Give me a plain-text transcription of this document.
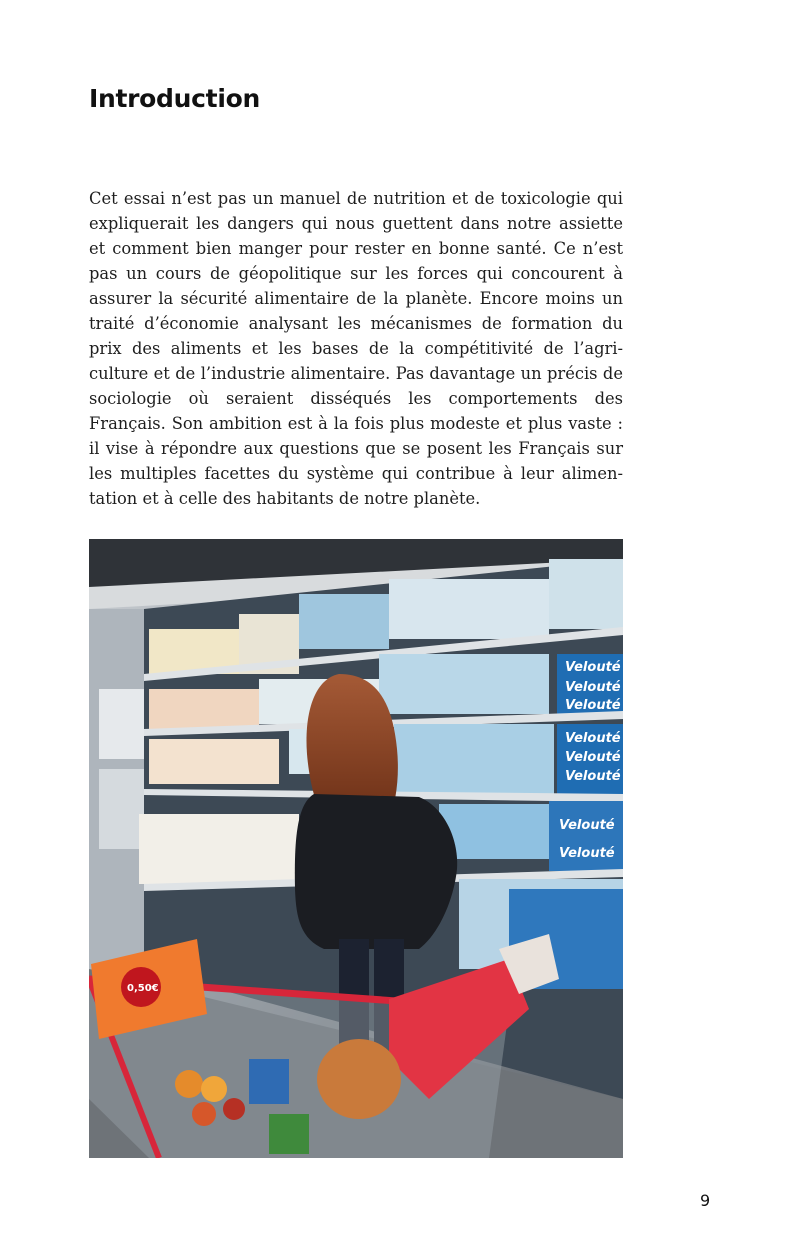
Introduction

Cet essai n’est pas un manuel de nutrition et de toxicologie qui expliquerait les dangers qui nous guettent dans notre assiette et comment bien manger pour rester en bonne santé. Ce n’est pas un cours de géopolitique sur les forces qui concourent à assurer la sécurité alimentaire de la planète. Encore moins un traité d’économie analysant les mécanismes de formation du prix des aliments et les bases de la compétitivité de l’agriculture et de l’industrie alimentaire. Pas davantage un précis de sociologie où seraient disséqués les comportements des Français. Son ambition est à la fois plus modeste et plus vaste : il vise à répondre aux questions que se posent les Français sur les multiples facettes du système qui contribue à leur alimentation et à celle des habitants de notre planète.

Velouté
Velouté
Velouté
Velouté
Velouté
Velouté
Velouté
Velouté
0,50€

9
